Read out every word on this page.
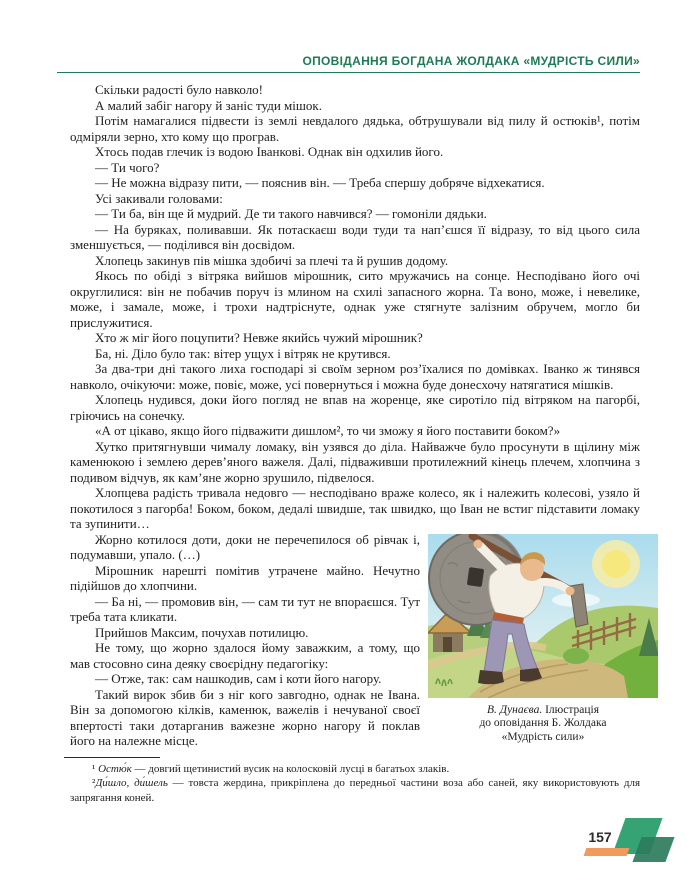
ОПОВІДАННЯ БОГДАНА ЖОЛДАКА «МУДРІСТЬ СИЛИ»

Скільки радості було навколо!

А малий забіг нагору й заніс туди мішок.

Потім намагалися підвести із землі невдалого дядька, обтрушували від пилу й остюків¹, потім одміряли зерно, хто кому що програв.

Хтось подав глечик із водою Іванкові. Однак він одхилив його.

— Ти чого?

— Не можна відразу пити, — пояснив він. — Треба спершу добряче відхекатися.

Усі закивали головами:

— Ти ба, він ще й мудрий. Де ти такого навчився? — гомоніли дядьки.

— На буряках, поливавши. Як потаскаєш води туди та нап’єшся її відразу, то від цього сила зменшується, — поділився він досвідом.

Хлопець закинув пів мішка здобичі за плечі та й рушив додому.

Якось по обіді з вітряка вийшов мірошник, сито мружачись на сонце. Несподівано його очі округлилися: він не побачив поруч із млином на схилі запасного жорна. Та воно, може, і невелике, може, і замале, може, і трохи надтріснуте, однак уже стягнуте залізним обручем, могло би прислужитися.

Хто ж міг його поцупити? Невже якийсь чужий мірошник?

Ба, ні. Діло було так: вітер ущух і вітряк не крутився.

За два-три дні такого лиха господарі зі своїм зерном роз’їхалися по домівках. Іванко ж тинявся навколо, очікуючи: може, повіє, може, усі повернуться і можна буде донесхочу натягатися мішків.

Хлопець нудився, доки його погляд не впав на жоренце, яке сиротіло під вітряком на пагорбі, гріючись на сонечку.

«А от цікаво, якщо його підважити дишлом², то чи зможу я його поставити боком?»

Хутко притягнувши чималу ломаку, він узявся до діла. Найважче було просунути в щілину між каменюкою і землею дерев’яного важеля. Далі, підваживши протилежний кінець плечем, хлопчина з подивом відчув, як кам’яне жорно зрушило, підвелося.

Хлопцева радість тривала недовго — несподівано враже колесо, як і належить колесові, узяло й покотилося з пагорба! Боком, боком, дедалі швидше, так швидко, що Іван не встиг підставити ломаку та зупинити…

В. Дунаєва. Ілюстрація
до оповідання Б. Жолдака
«Мудрість сили»

Жорно котилося доти, доки не перечепилося об рівчак і, подумавши, упало. (…)

Мірошник нарешті помітив утрачене майно. Нечутно підійшов до хлопчини.

— Ба ні, — промовив він, — сам ти тут не впораєшся. Тут треба тата кликати.

Прийшов Максим, почухав потилицю.

Не тому, що жорно здалося йому заважким, а тому, що мав стосовно сина деяку своєрідну педагогіку:

— Отже, так: сам нашкодив, сам і коти його нагору.

Такий вирок збив би з ніг кого завгодно, однак не Івана. Він за допомогою кілків, каменюк, важелів і нечуваної своєї впертості таки дотарганив важезне жорно нагору й поклав його на належне місце.

¹ Остю́к — довгий щетинистий вусик на колосковій лусці в багатьох злаків.

²Ди́шло, ди́шель — товста жердина, прикріплена до передньої частини воза або саней, яку використовують для запрягання коней.

157
